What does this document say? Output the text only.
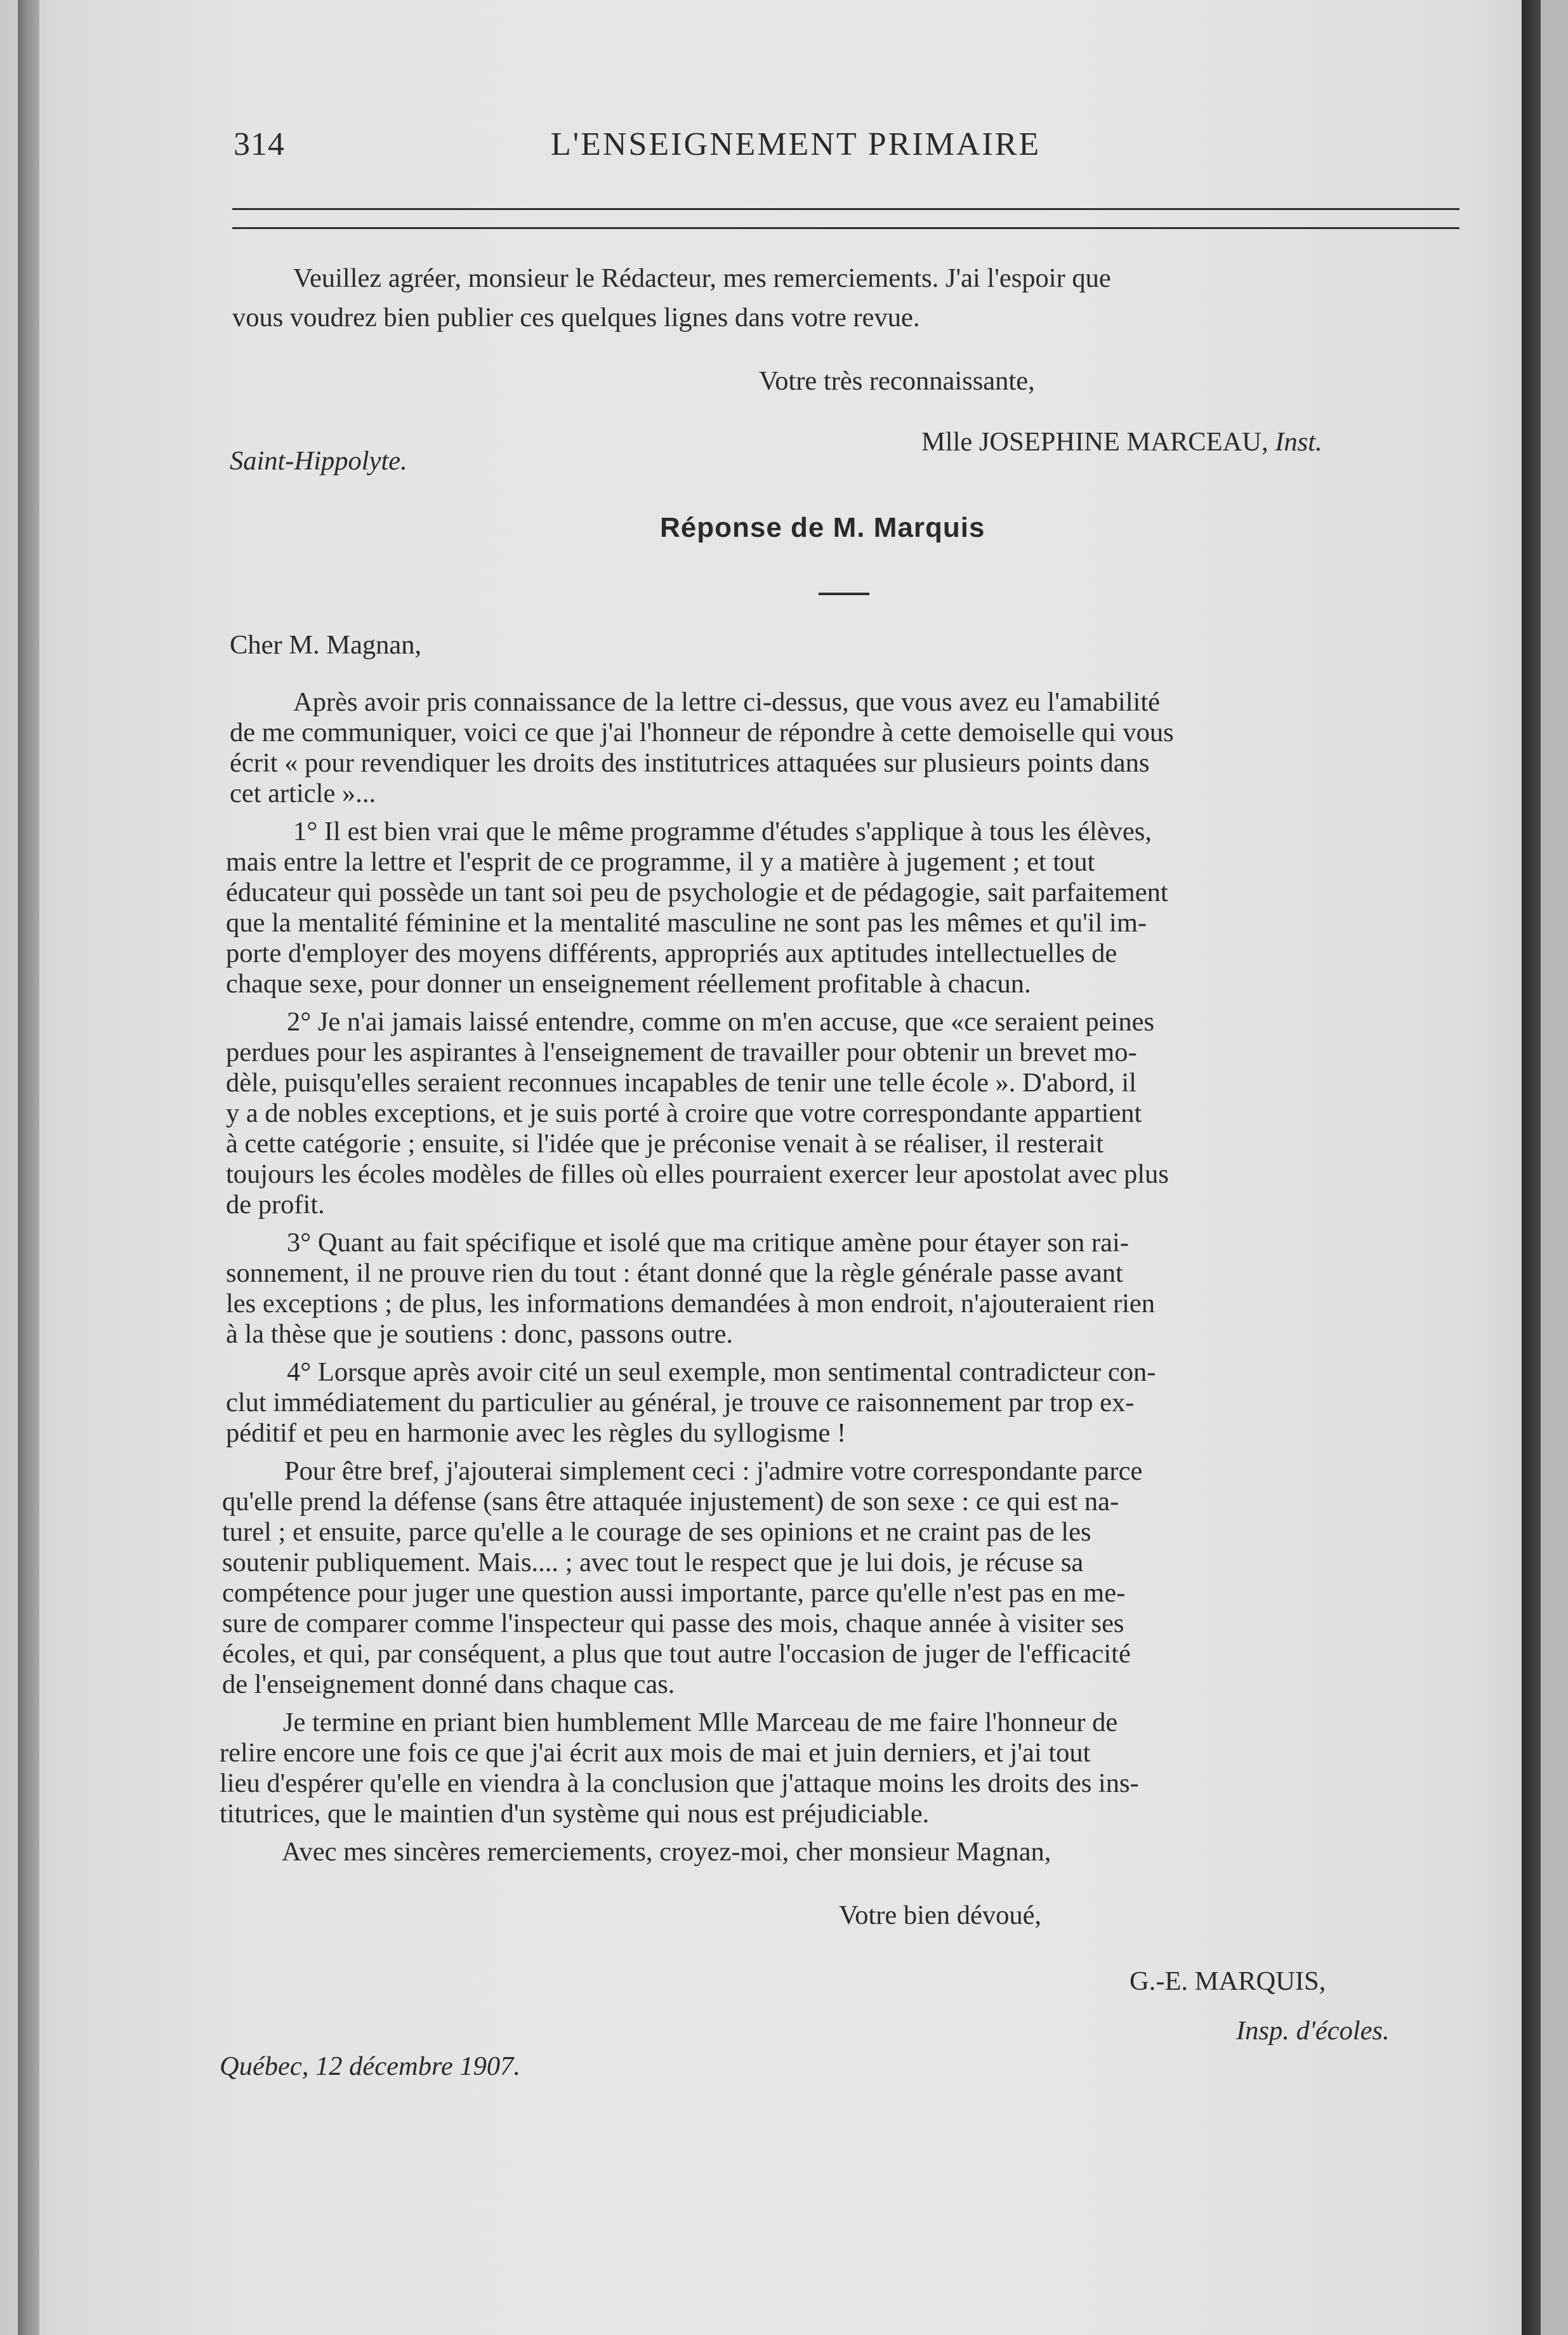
314	L'ENSEIGNEMENT PRIMAIRE
Veuillez agréer, monsieur le Rédacteur, mes remerciements. J'ai l'espoir que
vous voudrez bien publier ces quelques lignes dans votre revue.
Votre très reconnaissante,
Saint-Hippolyte.
Mlle JOSEPHINE MARCEAU, Inst.
Réponse de M. Marquis
Cher M. Magnan,
Après avoir pris connaissance de la lettre ci-dessus, que vous avez eu l'amabilité
de me communiquer, voici ce que j'ai l'honneur de répondre à cette demoiselle qui vous
écrit « pour revendiquer les droits des institutrices attaquées sur plusieurs points dans
cet article »...
1° Il est bien vrai que le même programme d'études s'applique à tous les élèves,
mais entre la lettre et l'esprit de ce programme, il y a matière à jugement ; et tout
éducateur qui possède un tant soi peu de psychologie et de pédagogie, sait parfaitement
que la mentalité féminine et la mentalité masculine ne sont pas les mêmes et qu'il im-
porte d'employer des moyens différents, appropriés aux aptitudes intellectuelles de
chaque sexe, pour donner un enseignement réellement profitable à chacun.
2° Je n'ai jamais laissé entendre, comme on m'en accuse, que «ce seraient peines
perdues pour les aspirantes à l'enseignement de travailler pour obtenir un brevet mo-
dèle, puisqu'elles seraient reconnues incapables de tenir une telle école ». D'abord, il
y a de nobles exceptions, et je suis porté à croire que votre correspondante appartient
à cette catégorie ; ensuite, si l'idée que je préconise venait à se réaliser, il resterait
toujours les écoles modèles de filles où elles pourraient exercer leur apostolat avec plus
de profit.
3° Quant au fait spécifique et isolé que ma critique amène pour étayer son rai-
sonnement, il ne prouve rien du tout : étant donné que la règle générale passe avant
les exceptions ; de plus, les informations demandées à mon endroit, n'ajouteraient rien
à la thèse que je soutiens : donc, passons outre.
4° Lorsque après avoir cité un seul exemple, mon sentimental contradicteur con-
clut immédiatement du particulier au général, je trouve ce raisonnement par trop ex-
péditif et peu en harmonie avec les règles du syllogisme !
Pour être bref, j'ajouterai simplement ceci : j'admire votre correspondante parce
qu'elle prend la défense (sans être attaquée injustement) de son sexe : ce qui est na-
turel ; et ensuite, parce qu'elle a le courage de ses opinions et ne craint pas de les
soutenir publiquement. Mais.... ; avec tout le respect que je lui dois, je récuse sa
compétence pour juger une question aussi importante, parce qu'elle n'est pas en me-
sure de comparer comme l'inspecteur qui passe des mois, chaque année à visiter ses
écoles, et qui, par conséquent, a plus que tout autre l'occasion de juger de l'efficacité
de l'enseignement donné dans chaque cas.
Je termine en priant bien humblement Mlle Marceau de me faire l'honneur de
relire encore une fois ce que j'ai écrit aux mois de mai et juin derniers, et j'ai tout
lieu d'espérer qu'elle en viendra à la conclusion que j'attaque moins les droits des ins-
titutrices, que le maintien d'un système qui nous est préjudiciable.
Avec mes sincères remerciements, croyez-moi, cher monsieur Magnan,
Votre bien dévoué,
G.-E. MARQUIS,
Insp. d'écoles.
Québec, 12 décembre 1907.
